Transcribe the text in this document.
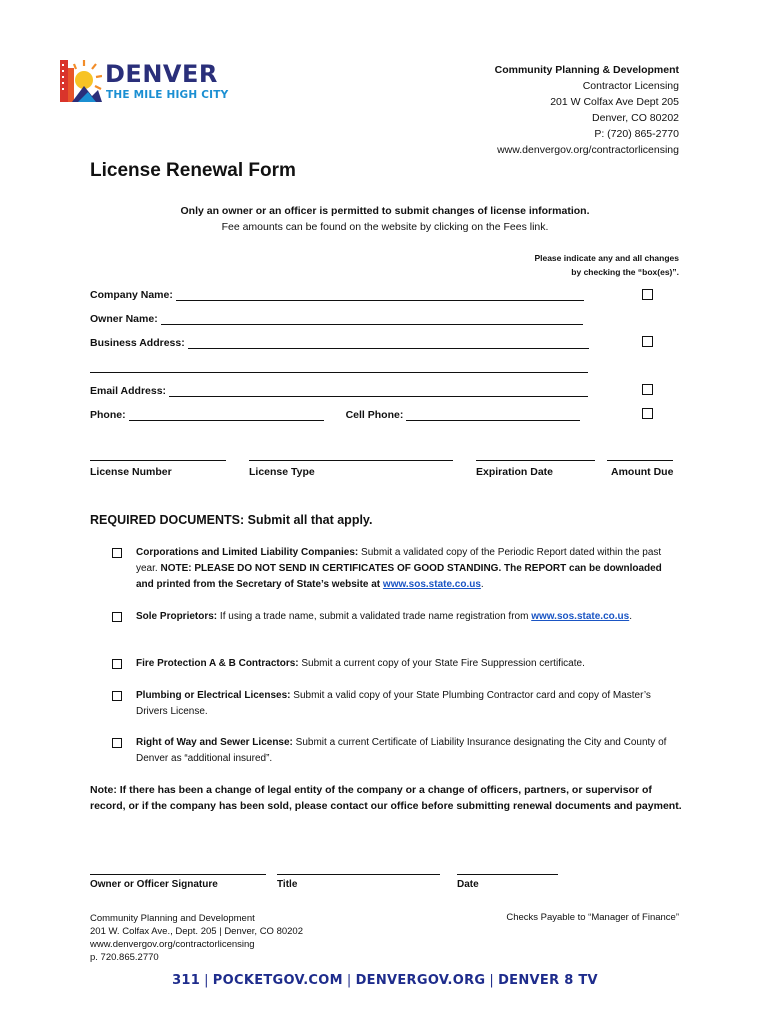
DENVER
THE MILE HIGH CITY
Community Planning & Development
Contractor Licensing
201 W Colfax Ave Dept 205
Denver, CO 80202
P: (720) 865-2770
www.denvergov.org/contractorlicensing
License Renewal Form
Only an owner or an officer is permitted to submit changes of license information.
Fee amounts can be found on the website by clicking on the Fees link.
Please indicate any and all changes
by checking the “box(es)”.
Company Name:
Owner Name:
Business Address:
Email Address:
Phone:	Cell Phone:
License Number	License Type	Expiration Date	Amount Due
REQUIRED DOCUMENTS: Submit all that apply.
Corporations and Limited Liability Companies: Submit a validated copy of the Periodic Report dated within the past year. NOTE: PLEASE DO NOT SEND IN CERTIFICATES OF GOOD STANDING. The REPORT can be downloaded and printed from the Secretary of State’s website at www.sos.state.co.us.
Sole Proprietors: If using a trade name, submit a validated trade name registration from www.sos.state.co.us.
Fire Protection A & B Contractors: Submit a current copy of your State Fire Suppression certificate.
Plumbing or Electrical Licenses: Submit a valid copy of your State Plumbing Contractor card and copy of Master’s Drivers License.
Right of Way and Sewer License: Submit a current Certificate of Liability Insurance designating the City and County of Denver as “additional insured”.
Note: If there has been a change of legal entity of the company or a change of officers, partners, or supervisor of record, or if the company has been sold, please contact our office before submitting renewal documents and payment.
Owner or Officer Signature	Title	Date
Community Planning and Development
201 W. Colfax Ave., Dept. 205 | Denver, CO 80202
www.denvergov.org/contractorlicensing
p. 720.865.2770
Checks Payable to “Manager of Finance”
311 | POCKETGOV.COM | DENVERGOV.ORG | DENVER 8 TV
